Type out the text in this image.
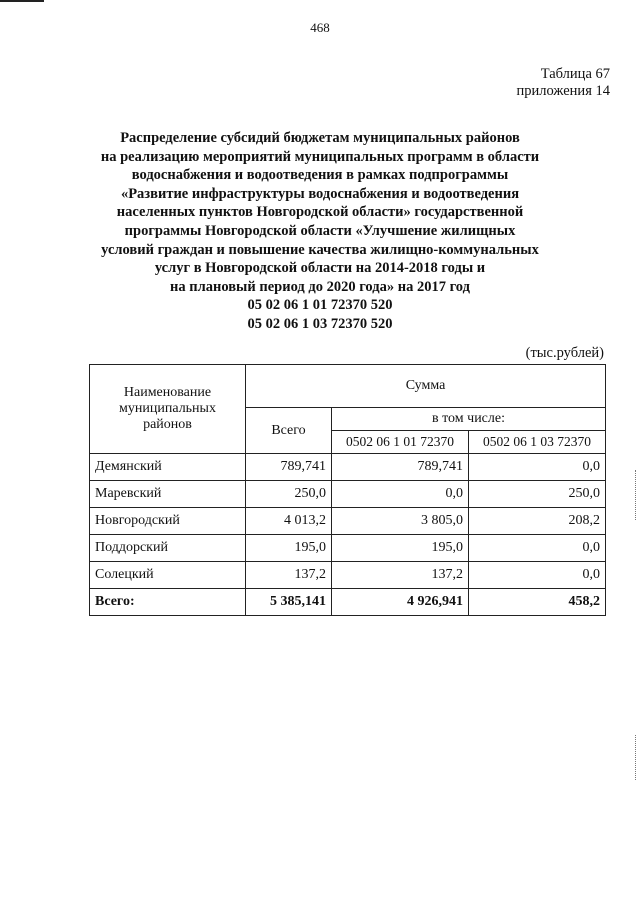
468
Таблица 67
приложения 14
Распределение субсидий бюджетам муниципальных районов
на реализацию мероприятий муниципальных программ в области
водоснабжения и водоотведения в рамках подпрограммы
«Развитие инфраструктуры водоснабжения и водоотведения
населенных пунктов Новгородской области» государственной
программы Новгородской области «Улучшение жилищных
условий граждан и повышение качества жилищно-коммунальных
услуг в Новгородской области на 2014-2018 годы и
на плановый период до 2020 года» на 2017 год
05 02 06 1 01 72370 520
05 02 06 1 03 72370 520
(тыс.рублей)
Наименование муниципальных районов	Сумма		
	Всего	в том числе:	
		0502 06 1 01 72370	0502 06 1 03 72370
Демянский	789,741	789,741	0,0
Маревский	250,0	0,0	250,0
Новгородский	4 013,2	3 805,0	208,2
Поддорский	195,0	195,0	0,0
Солецкий	137,2	137,2	0,0
Всего:	5 385,141	4 926,941	458,2
